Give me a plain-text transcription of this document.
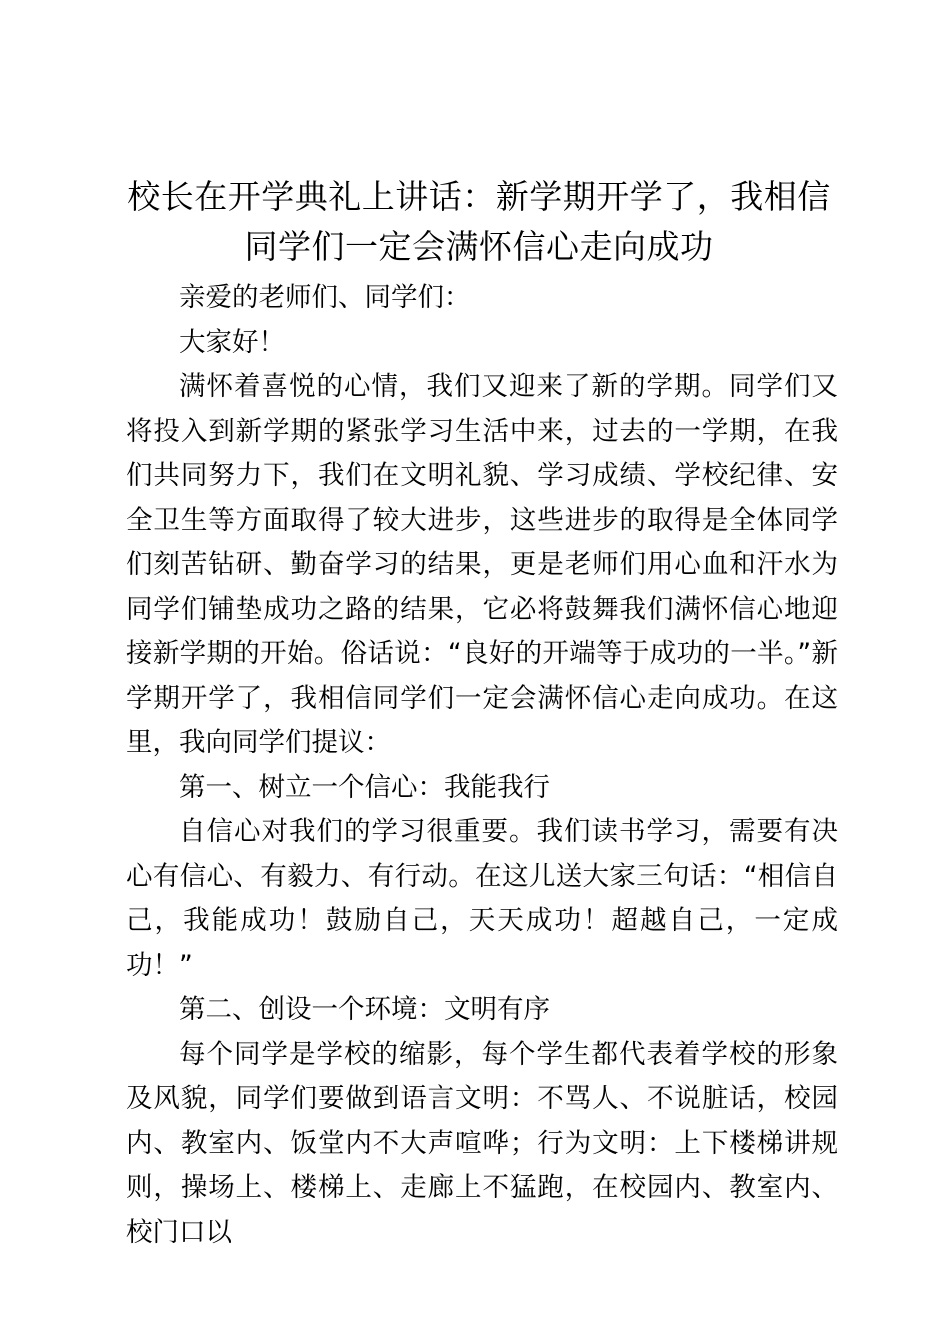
校长在开学典礼上讲话：新学期开学了，我相信同学们一定会满怀信心走向成功

亲爱的老师们、同学们：

大家好！

满怀着喜悦的心情，我们又迎来了新的学期。同学们又将投入到新学期的紧张学习生活中来，过去的一学期，在我们共同努力下，我们在文明礼貌、学习成绩、学校纪律、安全卫生等方面取得了较大进步，这些进步的取得是全体同学们刻苦钻研、勤奋学习的结果，更是老师们用心血和汗水为同学们铺垫成功之路的结果，它必将鼓舞我们满怀信心地迎接新学期的开始。俗话说：“良好的开端等于成功的一半。”新学期开学了，我相信同学们一定会满怀信心走向成功。在这里，我向同学们提议：

第一、树立一个信心：我能我行

自信心对我们的学习很重要。我们读书学习，需要有决心有信心、有毅力、有行动。在这儿送大家三句话：“相信自己，我能成功！鼓励自己，天天成功！超越自己，一定成功！”

第二、创设一个环境：文明有序

每个同学是学校的缩影，每个学生都代表着学校的形象及风貌，同学们要做到语言文明：不骂人、不说脏话，校园内、教室内、饭堂内不大声喧哗；行为文明：上下楼梯讲规则，操场上、楼梯上、走廊上不猛跑，在校园内、教室内、校门口以
